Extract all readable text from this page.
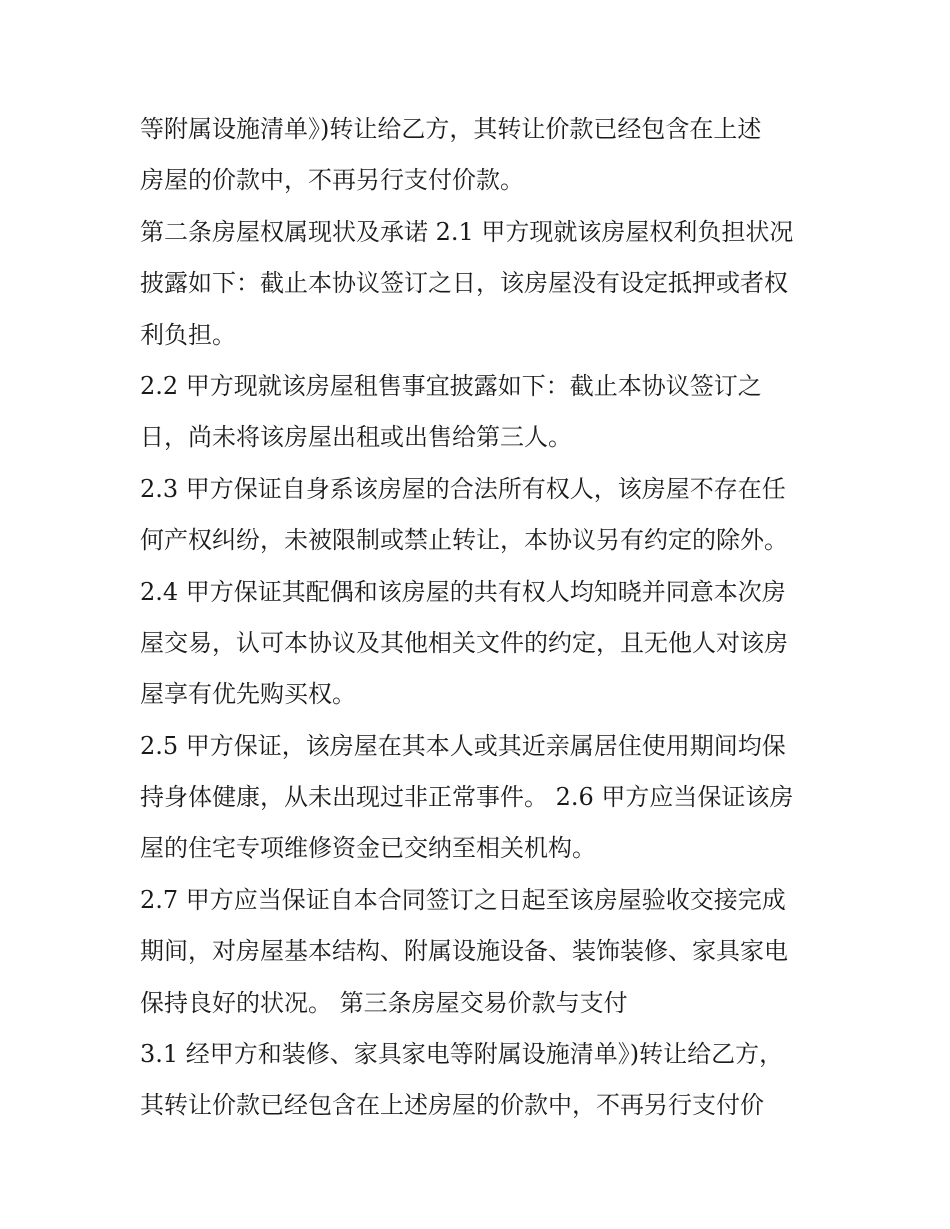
等附属设施清单》)转让给乙方，其转让价款已经包含在上述
房屋的价款中，不再另行支付价款。
第二条房屋权属现状及承诺 2.1 甲方现就该房屋权利负担状况
披露如下：截止本协议签订之日，该房屋没有设定抵押或者权
利负担。
2.2 甲方现就该房屋租售事宜披露如下：截止本协议签订之
日，尚未将该房屋出租或出售给第三人。
2.3 甲方保证自身系该房屋的合法所有权人，该房屋不存在任
何产权纠纷，未被限制或禁止转让，本协议另有约定的除外。
2.4 甲方保证其配偶和该房屋的共有权人均知晓并同意本次房
屋交易，认可本协议及其他相关文件的约定，且无他人对该房
屋享有优先购买权。
2.5 甲方保证，该房屋在其本人或其近亲属居住使用期间均保
持身体健康，从未出现过非正常事件。 2.6 甲方应当保证该房
屋的住宅专项维修资金已交纳至相关机构。
2.7 甲方应当保证自本合同签订之日起至该房屋验收交接完成
期间，对房屋基本结构、附属设施设备、装饰装修、家具家电
保持良好的状况。 第三条房屋交易价款与支付
3.1 经甲方和装修、家具家电等附属设施清单》)转让给乙方，
其转让价款已经包含在上述房屋的价款中，不再另行支付价
